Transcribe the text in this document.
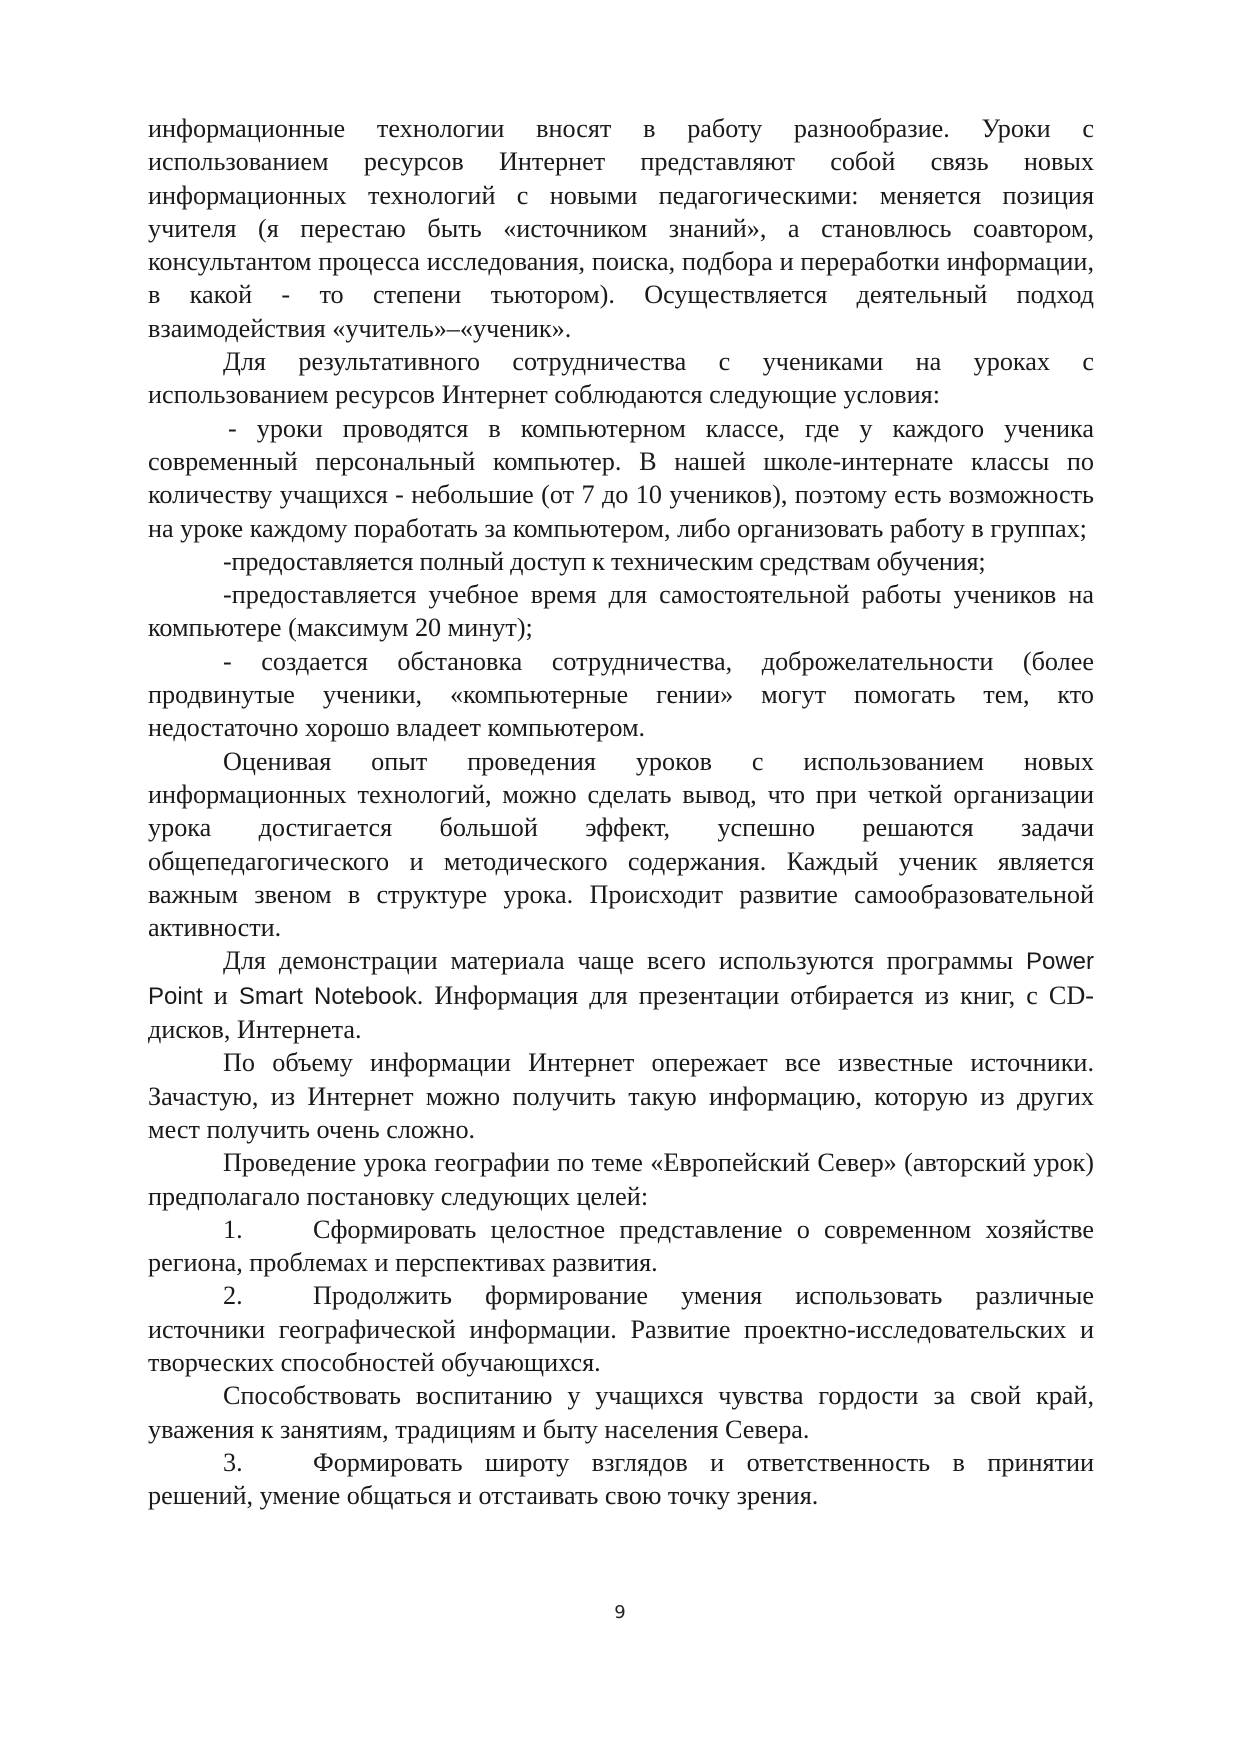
информационные технологии вносят в работу разнообразие. Уроки с использованием ресурсов Интернет представляют собой связь новых информационных технологий с новыми педагогическими: меняется позиция учителя (я перестаю быть «источником знаний», а становлюсь соавтором, консультантом процесса исследования, поиска, подбора и переработки информации, в какой - то степени тьютором). Осуществляется деятельный подход взаимодействия «учитель»–«ученик».

Для результативного сотрудничества с учениками на уроках с использованием ресурсов Интернет соблюдаются следующие условия:

- уроки проводятся в компьютерном классе, где у каждого ученика современный персональный компьютер. В нашей школе-интернате классы по количеству учащихся - небольшие (от 7 до 10 учеников), поэтому есть возможность на уроке каждому поработать за компьютером, либо организовать работу в группах;

-предоставляется полный доступ к техническим средствам обучения;

-предоставляется учебное время для самостоятельной работы учеников на компьютере (максимум 20 минут);

- создается обстановка сотрудничества, доброжелательности (более продвинутые ученики, «компьютерные гении» могут помогать тем, кто недостаточно хорошо владеет компьютером.

Оценивая опыт проведения уроков с использованием новых информационных технологий, можно сделать вывод, что при четкой организации урока достигается большой эффект, успешно решаются задачи общепедагогического и методического содержания. Каждый ученик является важным звеном в структуре урока. Происходит развитие самообразовательной активности.

Для демонстрации материала чаще всего используются программы Power Point и Smart Notebook. Информация для презентации отбирается из книг, с CD-дисков, Интернета.

По объему информации Интернет опережает все известные источники. Зачастую, из Интернет можно получить такую информацию, которую из других мест получить очень сложно.

Проведение урока географии по теме «Европейский Север» (авторский урок) предполагало постановку следующих целей:

1.	Сформировать целостное представление о современном хозяйстве региона, проблемах и перспективах развития.

2.	Продолжить формирование умения использовать различные источники географической информации. Развитие проектно-исследовательских и творческих способностей обучающихся.

Способствовать воспитанию у учащихся чувства гордости за свой край, уважения к занятиям, традициям и быту населения Севера.

3.	Формировать широту взглядов и ответственность в принятии решений, умение общаться и отстаивать свою точку зрения.

9
